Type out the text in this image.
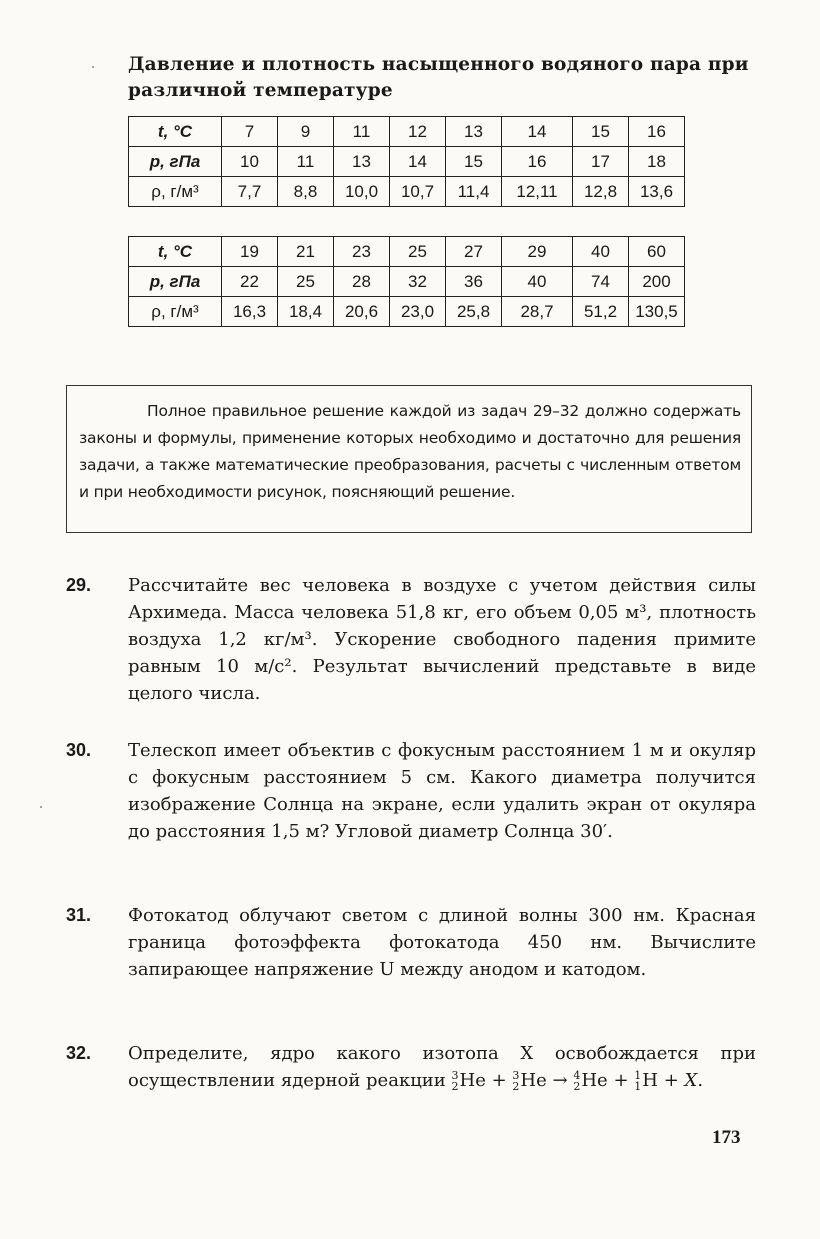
Давление и плотность насыщенного водяного пара при различной температуре
t, °C	7	9	11	12	13	14	15	16
p, гПа	10	11	13	14	15	16	17	18
ρ, г/м³	7,7	8,8	10,0	10,7	11,4	12,11	12,8	13,6
t, °C	19	21	23	25	27	29	40	60
p, гПа	22	25	28	32	36	40	74	200
ρ, г/м³	16,3	18,4	20,6	23,0	25,8	28,7	51,2	130,5
Полное правильное решение каждой из задач 29–32 должно содержать законы и формулы, применение которых необходимо и достаточно для решения задачи, а также математические преобразования, расчеты с численным ответом и при необходимости рисунок, поясняющий решение.
29. Рассчитайте вес человека в воздухе с учетом действия силы Архимеда. Масса человека 51,8 кг, его объем 0,05 м³, плотность воздуха 1,2 кг/м³. Ускорение свободного падения примите равным 10 м/с². Результат вычислений представьте в виде целого числа.
30. Телескоп имеет объектив с фокусным расстоянием 1 м и окуляр с фокусным расстоянием 5 см. Какого диаметра получится изображение Солнца на экране, если удалить экран от окуляра до расстояния 1,5 м? Угловой диаметр Солнца 30′.
31. Фотокатод облучают светом с длиной волны 300 нм. Красная граница фотоэффекта фотокатода 450 нм. Вычислите запирающее напряжение U между анодом и катодом.
32. Определите, ядро какого изотопа X освобождается при осуществлении ядерной реакции 3
2 He + 3
2 He → 4
2 He + 1
1 H + X.
173
